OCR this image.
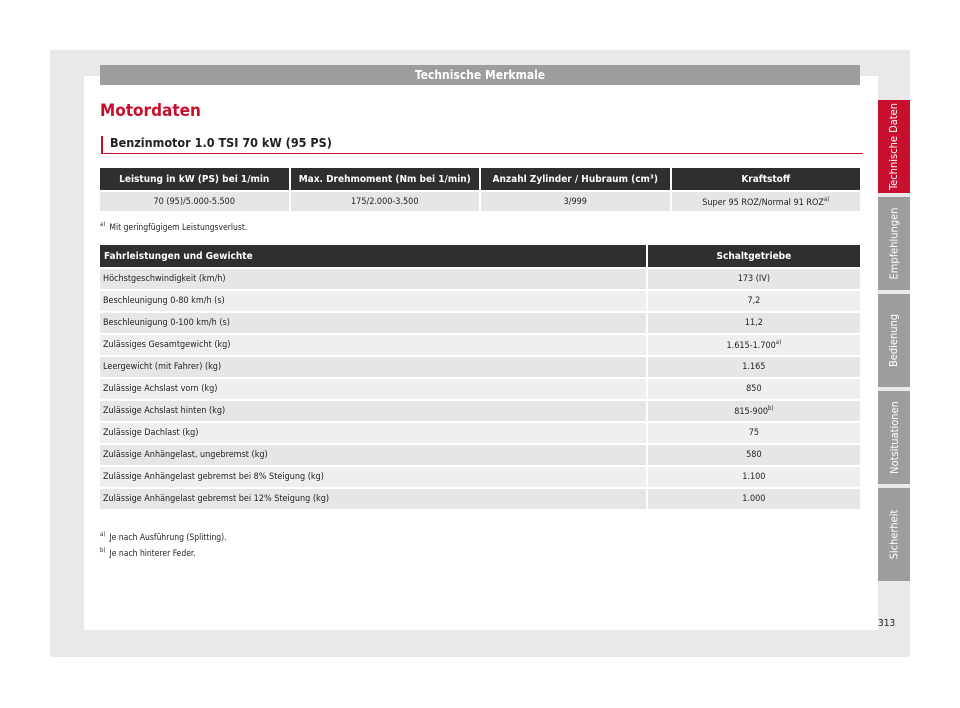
Technische Merkmale
Motordaten
Benzinmotor 1.0 TSI 70 kW (95 PS)
Leistung in kW (PS) bei 1/min	Max. Drehmoment (Nm bei 1/min)	Anzahl Zylinder / Hubraum (cm³)	Kraftstoff
70 (95)/5.000-5.500	175/2.000-3.500	3/999	Super 95 ROZ/Normal 91 ROZ$^{a)}$
$^{a)}$ Mit geringfügigem Leistungsverlust.
Fahrleistungen und Gewichte	Schaltgetriebe
Höchstgeschwindigkeit (km/h)	173 (IV)
Beschleunigung 0-80 km/h (s)	7,2
Beschleunigung 0-100 km/h (s)	11,2
Zulässiges Gesamtgewicht (kg)	1.615-1.700$^{a)}$
Leergewicht (mit Fahrer) (kg)	1.165
Zulässige Achslast vorn (kg)	850
Zulässige Achslast hinten (kg)	815-900$^{b)}$
Zulässige Dachlast (kg)	75
Zulässige Anhängelast, ungebremst (kg)	580
Zulässige Anhängelast gebremst bei 8% Steigung (kg)	1.100
Zulässige Anhängelast gebremst bei 12% Steigung (kg)	1.000
$^{a)}$ Je nach Ausführung (Splitting).
$^{b)}$ Je nach hinterer Feder.
Technische Daten
Empfehlungen
Bedienung
Notsituationen
Sicherheit
313
